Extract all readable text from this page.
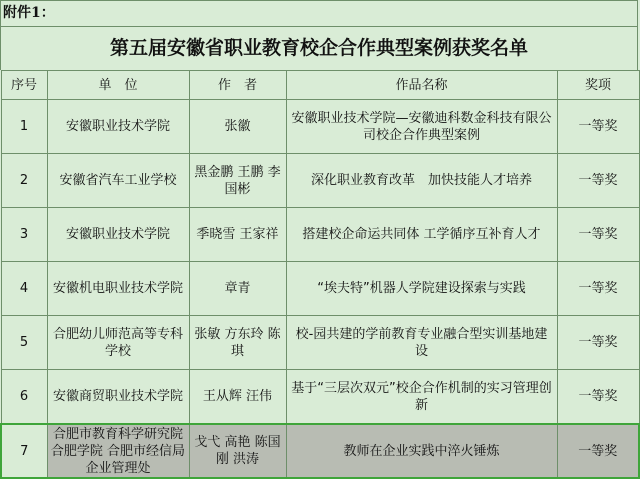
附件1：
第五届安徽省职业教育校企合作典型案例获奖名单
序号	单　位	作　者	作品名称	奖项
1	安徽职业技术学院	张徽	安徽职业技术学院—安徽迪科数金科技有限公司校企合作典型案例	一等奖
2	安徽省汽车工业学校	黑金鹏 王鹏 李国彬	深化职业教育改革　加快技能人才培养	一等奖
3	安徽职业技术学院	季晓雪 王家祥	搭建校企命运共同体 工学循序互补育人才	一等奖
4	安徽机电职业技术学院	章青	“埃夫特”机器人学院建设探索与实践	一等奖
5	合肥幼儿师范高等专科学校	张敏 方东玲 陈琪	校-园共建的学前教育专业融合型实训基地建设	一等奖
6	安徽商贸职业技术学院	王从辉 汪伟	基于“三层次双元”校企合作机制的实习管理创新	一等奖
7	合肥市教育科学研究院 合肥学院 合肥市经信局企业管理处	戈弋 高艳 陈国刚 洪涛	教师在企业实践中淬火锤炼	一等奖
